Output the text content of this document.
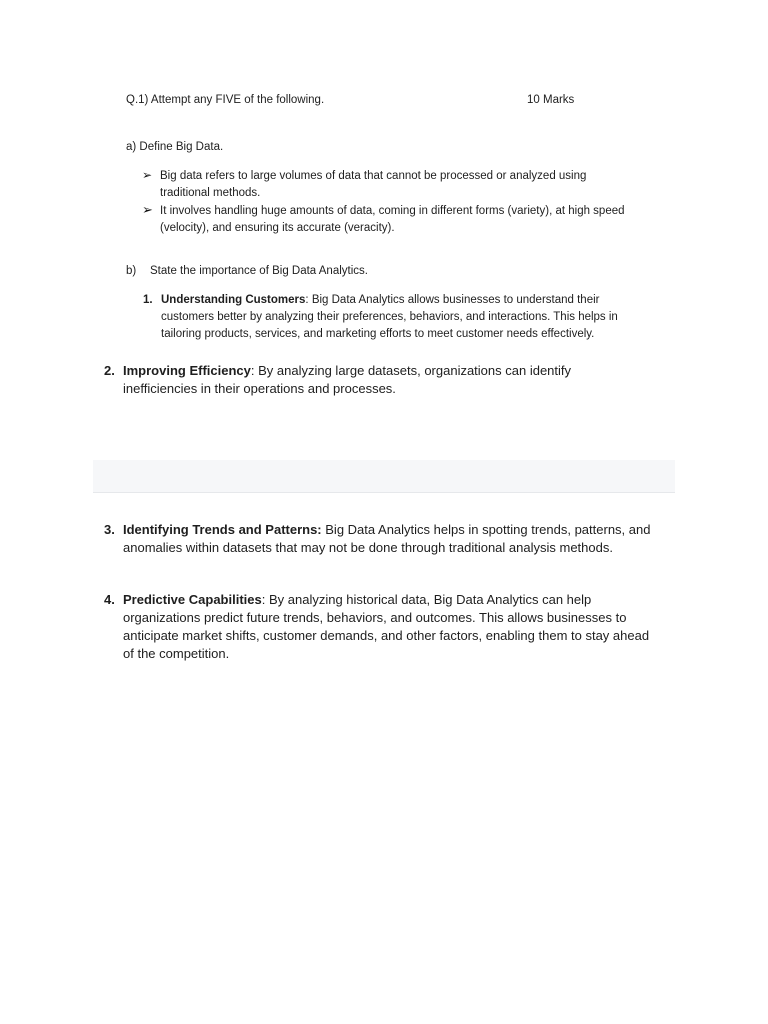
Q.1) Attempt any FIVE of the following.	10 Marks
a) Define Big Data.
➢ Big data refers to large volumes of data that cannot be processed or analyzed using traditional methods.
➢ It involves handling huge amounts of data, coming in different forms (variety), at high speed (velocity), and ensuring its accurate (veracity).
b) State the importance of Big Data Analytics.
1. Understanding Customers: Big Data Analytics allows businesses to understand their customers better by analyzing their preferences, behaviors, and interactions. This helps in tailoring products, services, and marketing efforts to meet customer needs effectively.
2. Improving Efficiency: By analyzing large datasets, organizations can identify inefficiencies in their operations and processes.
3. Identifying Trends and Patterns: Big Data Analytics helps in spotting trends, patterns, and anomalies within datasets that may not be done through traditional analysis methods.
4. Predictive Capabilities: By analyzing historical data, Big Data Analytics can help organizations predict future trends, behaviors, and outcomes. This allows businesses to anticipate market shifts, customer demands, and other factors, enabling them to stay ahead of the competition.
